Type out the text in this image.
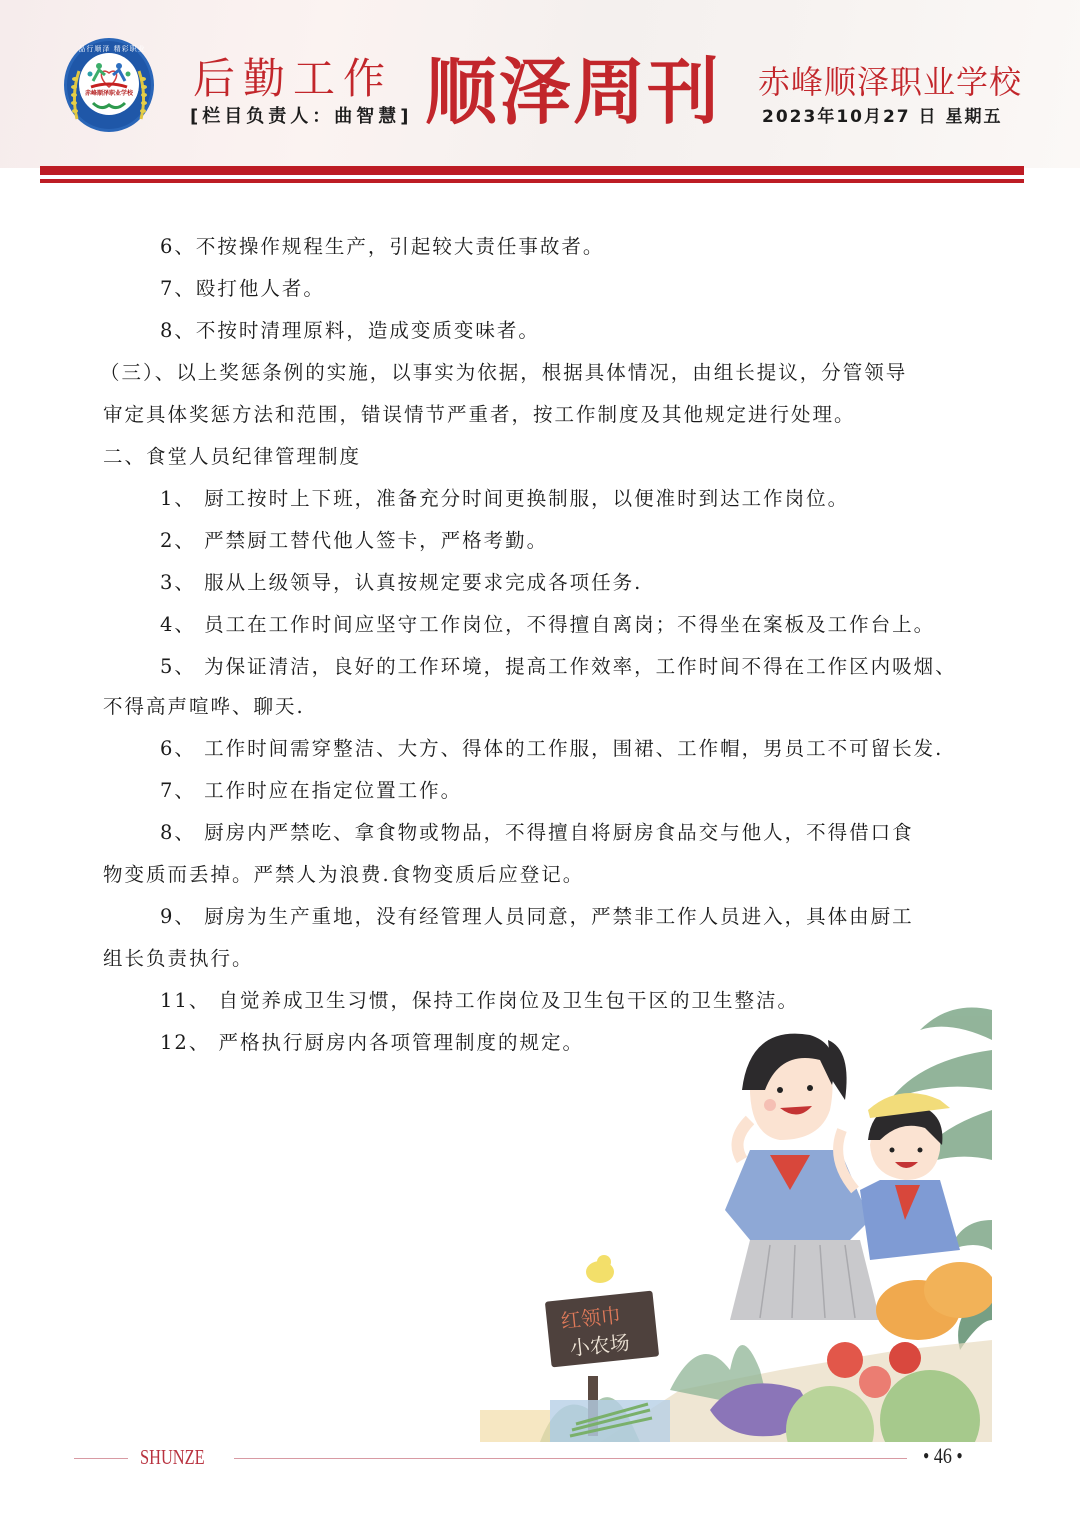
品行顺泽 精彩职业
赤峰顺泽职业学校 后勤工作
[栏目负责人：曲智慧] 顺泽周刊 赤峰顺泽职业学校
2023年10月27 日 星期五
红领巾
小农场
6、不按操作规程生产，引起较大责任事故者。
7、殴打他人者。
8、不按时清理原料，造成变质变味者。
（三）、以上奖惩条例的实施，以事实为依据，根据具体情况，由组长提议，分管领导
审定具体奖惩方法和范围，错误情节严重者，按工作制度及其他规定进行处理。
二、食堂人员纪律管理制度
1、 厨工按时上下班，准备充分时间更换制服，以便准时到达工作岗位。
2、 严禁厨工替代他人签卡，严格考勤。
3、 服从上级领导，认真按规定要求完成各项任务.
4、 员工在工作时间应坚守工作岗位，不得擅自离岗；不得坐在案板及工作台上。
5、 为保证清洁，良好的工作环境，提高工作效率，工作时间不得在工作区内吸烟、
不得高声喧哗、聊天.
6、 工作时间需穿整洁、大方、得体的工作服，围裙、工作帽，男员工不可留长发.
7、 工作时应在指定位置工作。
8、 厨房内严禁吃、拿食物或物品，不得擅自将厨房食品交与他人，不得借口食
物变质而丢掉。严禁人为浪费.食物变质后应登记。
9、 厨房为生产重地，没有经管理人员同意，严禁非工作人员进入，具体由厨工
组长负责执行。
11、 自觉养成卫生习惯，保持工作岗位及卫生包干区的卫生整洁。
12、 严格执行厨房内各项管理制度的规定。
SHUNZE	• 46 •
